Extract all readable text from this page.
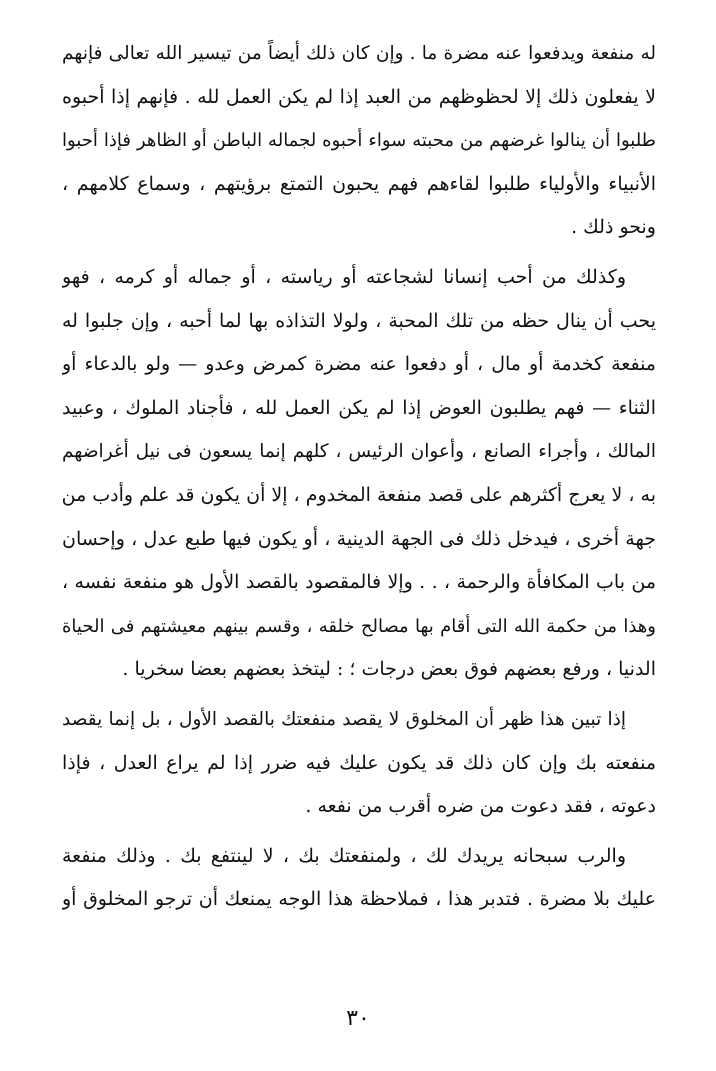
له منفعة ويدفعوا عنه مضرة ما . وإن كان ذلك أيضاً من تيسير الله تعالى فإنهم
لا يفعلون ذلك إلا لحظوظهم من العبد إذا لم يكن العمل لله . فإنهم إذا أحبوه
طلبوا أن ينالوا غرضهم من محبته سواء أحبوه لجماله الباطن أو الظاهر فإذا أحبوا
الأنبياء والأولياء طلبوا لقاءهم فهم يحبون التمتع برؤيتهم ، وسماع كلامهم ،
ونحو ذلك .
وكذلك من أحب إنسانا لشجاعته أو رياسته ، أو جماله أو كرمه ، فهو
يحب أن ينال حظه من تلك المحبة ، ولولا التذاذه بها لما أحبه ، وإن جلبوا له
منفعة كخدمة أو مال ، أو دفعوا عنه مضرة كمرض وعدو — ولو بالدعاء أو
الثناء — فهم يطلبون العوض إذا لم يكن العمل لله ، فأجناد الملوك ، وعبيد
المالك ، وأجراء الصانع ، وأعوان الرئيس ، كلهم إنما يسعون فى نيل أغراضهم
به ، لا يعرج أكثرهم على قصد منفعة المخدوم ، إلا أن يكون قد علم وأدب من
جهة أخرى ، فيدخل ذلك فى الجهة الدينية ، أو يكون فيها طبع عدل ، وإحسان
من باب المكافأة والرحمة ، . . وإلا فالمقصود بالقصد الأول هو منفعة نفسه ،
وهذا من حكمة الله التى أقام بها مصالح خلقه ، وقسم بينهم معيشتهم فى الحياة
الدنيا ، ورفع بعضهم فوق بعض درجات ؛ : ليتخذ بعضهم بعضا سخريا .
إذا تبين هذا ظهر أن المخلوق لا يقصد منفعتك بالقصد الأول ، بل إنما يقصد
منفعته بك وإن كان ذلك قد يكون عليك فيه ضرر إذا لم يراع العدل ، فإذا
دعوته ، فقد دعوت من ضره أقرب من نفعه .
والرب سبحانه يريدك لك ، ولمنفعتك بك ، لا لينتفع بك . وذلك منفعة
عليك بلا مضرة . فتدبر هذا ، فملاحظة هذا الوجه يمنعك أن ترجو المخلوق أو
٣٠
